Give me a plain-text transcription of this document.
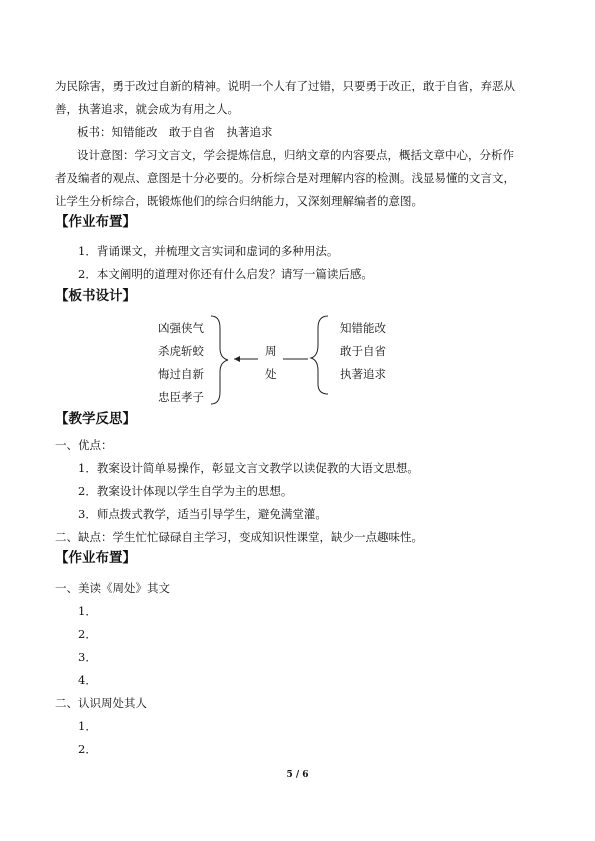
为民除害，勇于改过自新的精神。说明一个人有了过错，只要勇于改正，敢于自省，弃恶从
善，执著追求，就会成为有用之人。
板书：知错能改　敢于自省　执著追求
设计意图：学习文言文，学会提炼信息，归纳文章的内容要点，概括文章中心，分析作
者及编者的观点、意图是十分必要的。分析综合是对理解内容的检测。浅显易懂的文言文，
让学生分析综合，既锻炼他们的综合归纳能力，又深刻理解编者的意图。
【作业布置】
1．背诵课文，并梳理文言实词和虚词的多种用法。
2．本文阐明的道理对你还有什么启发？请写一篇读后感。
【板书设计】
凶强侠气
杀虎斩蛟
悔过自新
忠臣孝子
周
处
知错能改
敢于自省
执著追求
【教学反思】
一、优点：
1．教案设计简单易操作，彰显文言文教学以读促教的大语文思想。
2．教案设计体现以学生自学为主的思想。
3．师点拨式教学，适当引导学生，避免满堂灌。
二、缺点：学生忙忙碌碌自主学习，变成知识性课堂，缺少一点趣味性。
【作业布置】
一、美读《周处》其文
1．
2．
3．
4．
二、认识周处其人
1．
2．
5 / 6
